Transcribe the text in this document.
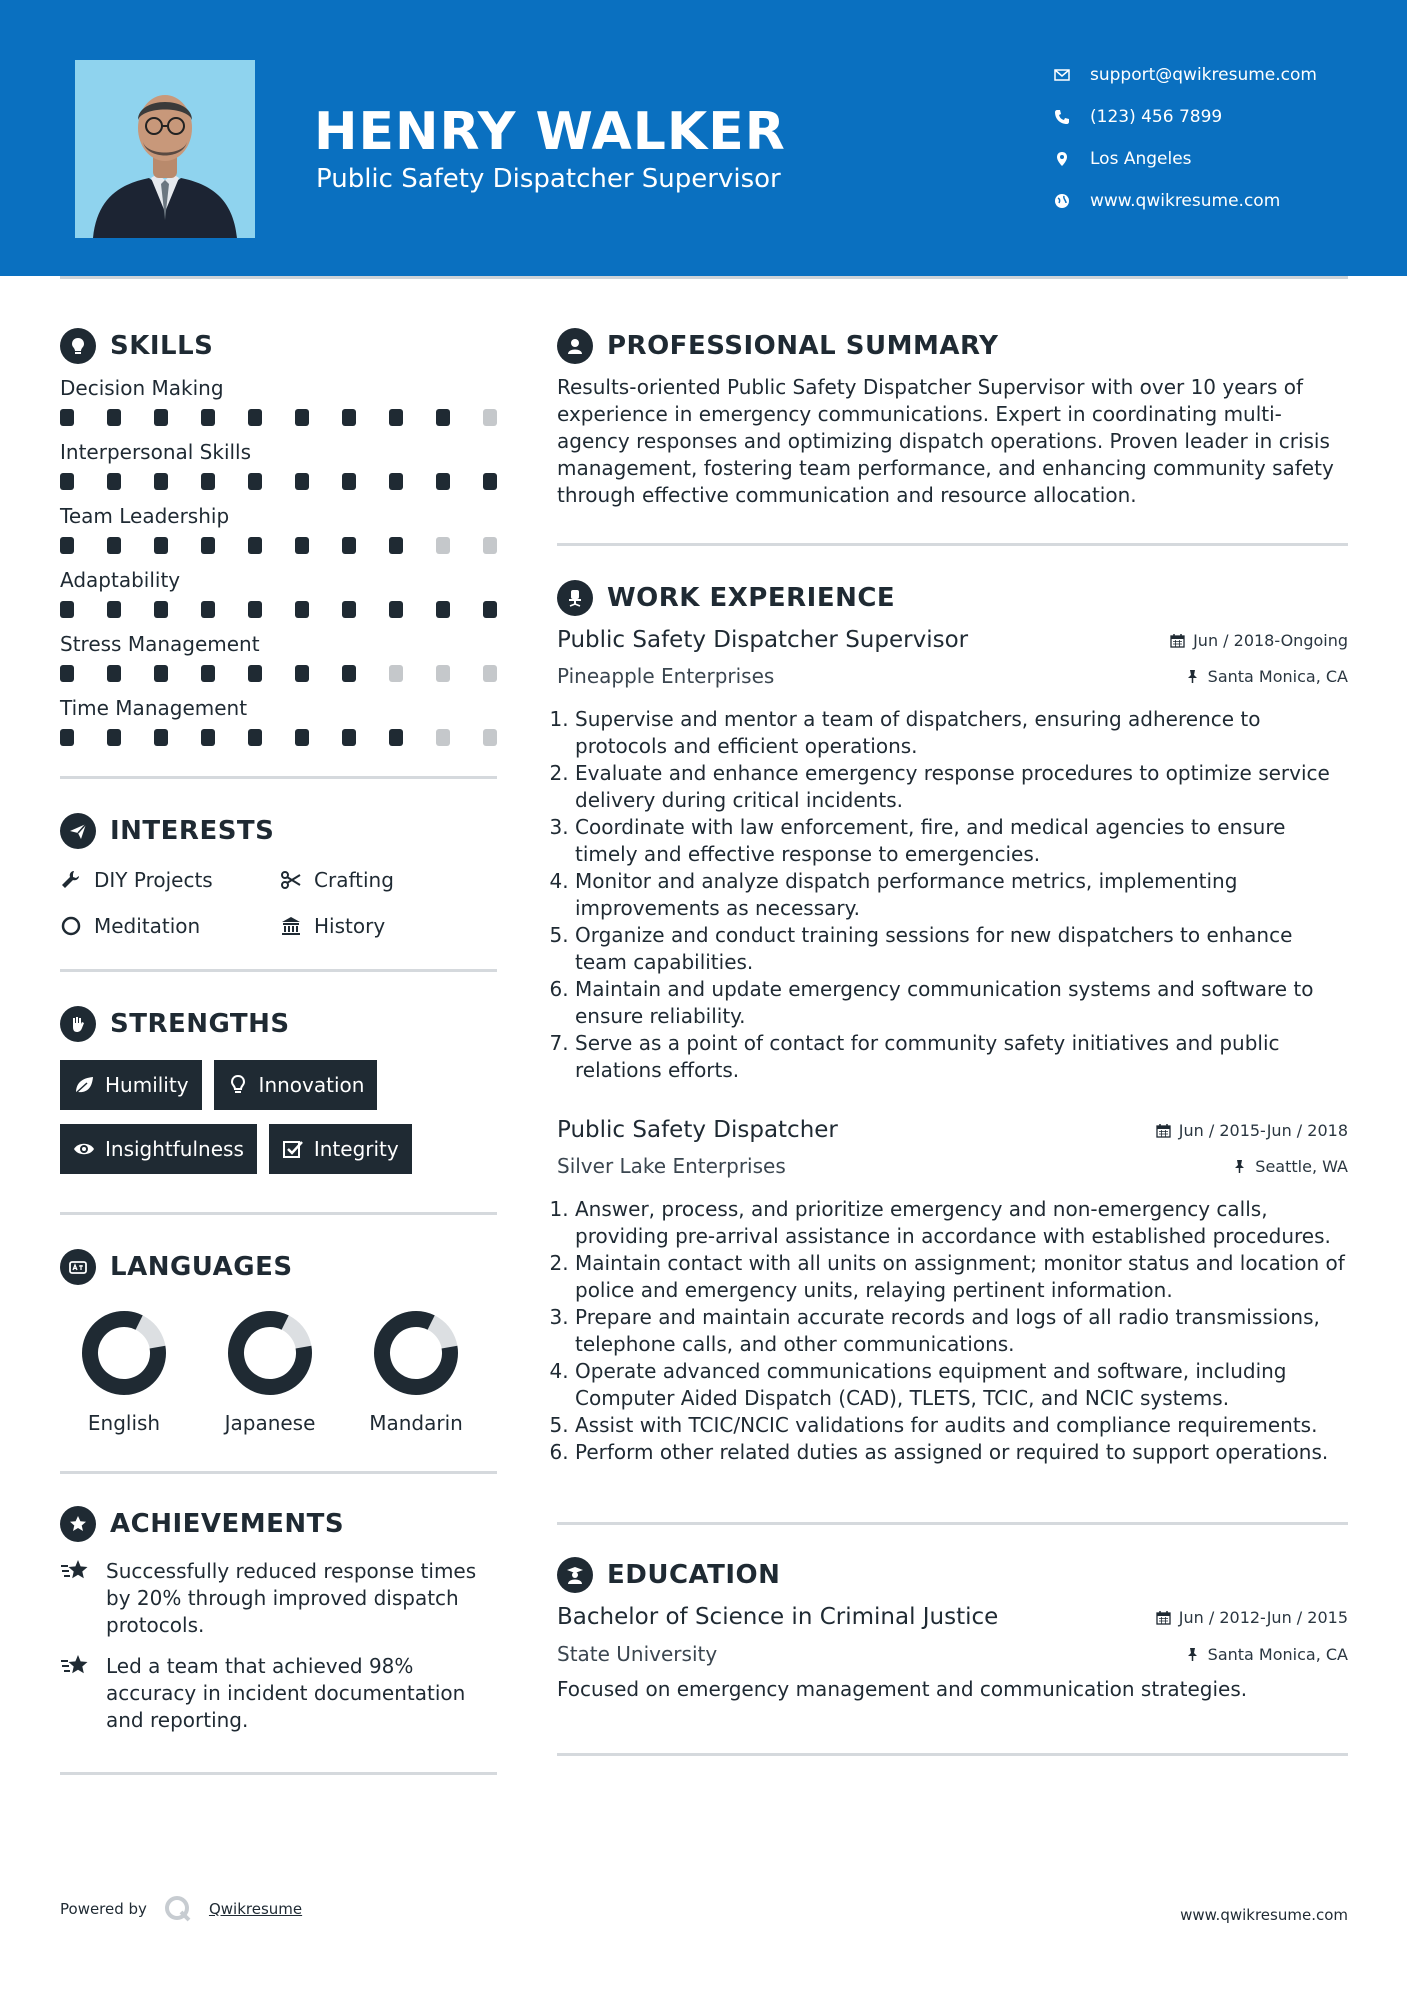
HENRY WALKER

Public Safety Dispatcher Supervisor

support@qwikresume.com
(123) 456 7899
Los Angeles
www.qwikresume.com
SKILLS
Decision Making
Interpersonal Skills
Team Leadership
Adaptability
Stress Management
Time Management
INTERESTS
DIY Projects	Crafting
Meditation	History
STRENGTHS
Humility	Innovation
Insightfulness	Integrity
LANGUAGES
English	Japanese	Mandarin
ACHIEVEMENTS
Successfully reduced response times by 20% through improved dispatch protocols.
Led a team that achieved 98% accuracy in incident documentation and reporting.
PROFESSIONAL SUMMARY

Results-oriented Public Safety Dispatcher Supervisor with over 10 years of experience in emergency communications. Expert in coordinating multi-agency responses and optimizing dispatch operations. Proven leader in crisis management, fostering team performance, and enhancing community safety through effective communication and resource allocation.

WORK EXPERIENCE
Public Safety Dispatcher Supervisor	Jun / 2018-Ongoing
Pineapple Enterprises	Santa Monica, CA
1. Supervise and mentor a team of dispatchers, ensuring adherence to protocols and efficient operations.
2. Evaluate and enhance emergency response procedures to optimize service delivery during critical incidents.
3. Coordinate with law enforcement, fire, and medical agencies to ensure timely and effective response to emergencies.
4. Monitor and analyze dispatch performance metrics, implementing improvements as necessary.
5. Organize and conduct training sessions for new dispatchers to enhance team capabilities.
6. Maintain and update emergency communication systems and software to ensure reliability.
7. Serve as a point of contact for community safety initiatives and public relations efforts.
Public Safety Dispatcher	Jun / 2015-Jun / 2018
Silver Lake Enterprises	Seattle, WA
1. Answer, process, and prioritize emergency and non-emergency calls, providing pre-arrival assistance in accordance with established procedures.
2. Maintain contact with all units on assignment; monitor status and location of police and emergency units, relaying pertinent information.
3. Prepare and maintain accurate records and logs of all radio transmissions, telephone calls, and other communications.
4. Operate advanced communications equipment and software, including Computer Aided Dispatch (CAD), TLETS, TCIC, and NCIC systems.
5. Assist with TCIC/NCIC validations for audits and compliance requirements.
6. Perform other related duties as assigned or required to support operations.
EDUCATION
Bachelor of Science in Criminal Justice	Jun / 2012-Jun / 2015
State University	Santa Monica, CA
Focused on emergency management and communication strategies.
Powered by	Qwikresume	www.qwikresume.com
